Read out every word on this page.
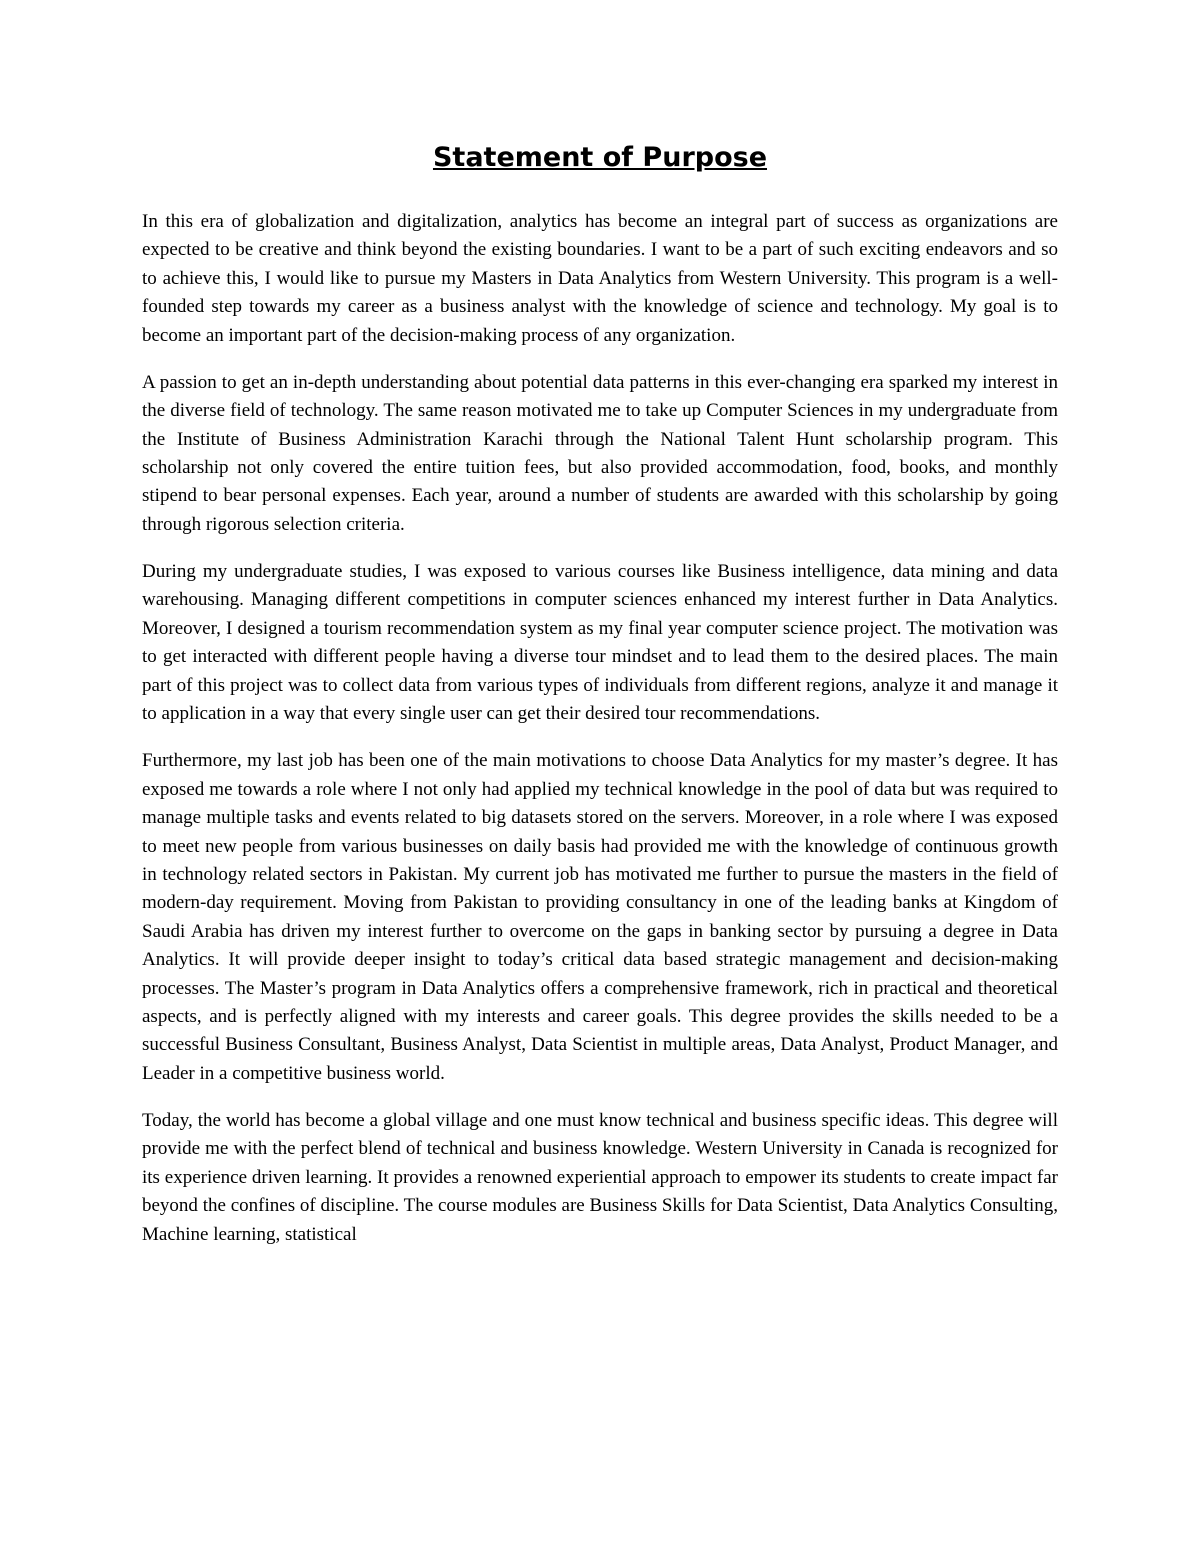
Statement of Purpose

In this era of globalization and digitalization, analytics has become an integral part of success as organizations are expected to be creative and think beyond the existing boundaries. I want to be a part of such exciting endeavors and so to achieve this, I would like to pursue my Masters in Data Analytics from Western University. This program is a well-founded step towards my career as a business analyst with the knowledge of science and technology. My goal is to become an important part of the decision-making process of any organization.

A passion to get an in-depth understanding about potential data patterns in this ever-changing era sparked my interest in the diverse field of technology. The same reason motivated me to take up Computer Sciences in my undergraduate from the Institute of Business Administration Karachi through the National Talent Hunt scholarship program. This scholarship not only covered the entire tuition fees, but also provided accommodation, food, books, and monthly stipend to bear personal expenses. Each year, around a number of students are awarded with this scholarship by going through rigorous selection criteria.

During my undergraduate studies, I was exposed to various courses like Business intelligence, data mining and data warehousing. Managing different competitions in computer sciences enhanced my interest further in Data Analytics. Moreover, I designed a tourism recommendation system as my final year computer science project. The motivation was to get interacted with different people having a diverse tour mindset and to lead them to the desired places. The main part of this project was to collect data from various types of individuals from different regions, analyze it and manage it to application in a way that every single user can get their desired tour recommendations.

Furthermore, my last job has been one of the main motivations to choose Data Analytics for my master’s degree. It has exposed me towards a role where I not only had applied my technical knowledge in the pool of data but was required to manage multiple tasks and events related to big datasets stored on the servers. Moreover, in a role where I was exposed to meet new people from various businesses on daily basis had provided me with the knowledge of continuous growth in technology related sectors in Pakistan. My current job has motivated me further to pursue the masters in the field of modern-day requirement. Moving from Pakistan to providing consultancy in one of the leading banks at Kingdom of Saudi Arabia has driven my interest further to overcome on the gaps in banking sector by pursuing a degree in Data Analytics. It will provide deeper insight to today’s critical data based strategic management and decision-making processes. The Master’s program in Data Analytics offers a comprehensive framework, rich in practical and theoretical aspects, and is perfectly aligned with my interests and career goals. This degree provides the skills needed to be a successful Business Consultant, Business Analyst, Data Scientist in multiple areas, Data Analyst, Product Manager, and Leader in a competitive business world.

Today, the world has become a global village and one must know technical and business specific ideas. This degree will provide me with the perfect blend of technical and business knowledge. Western University in Canada is recognized for its experience driven learning. It provides a renowned experiential approach to empower its students to create impact far beyond the confines of discipline. The course modules are Business Skills for Data Scientist, Data Analytics Consulting, Machine learning, statistical
